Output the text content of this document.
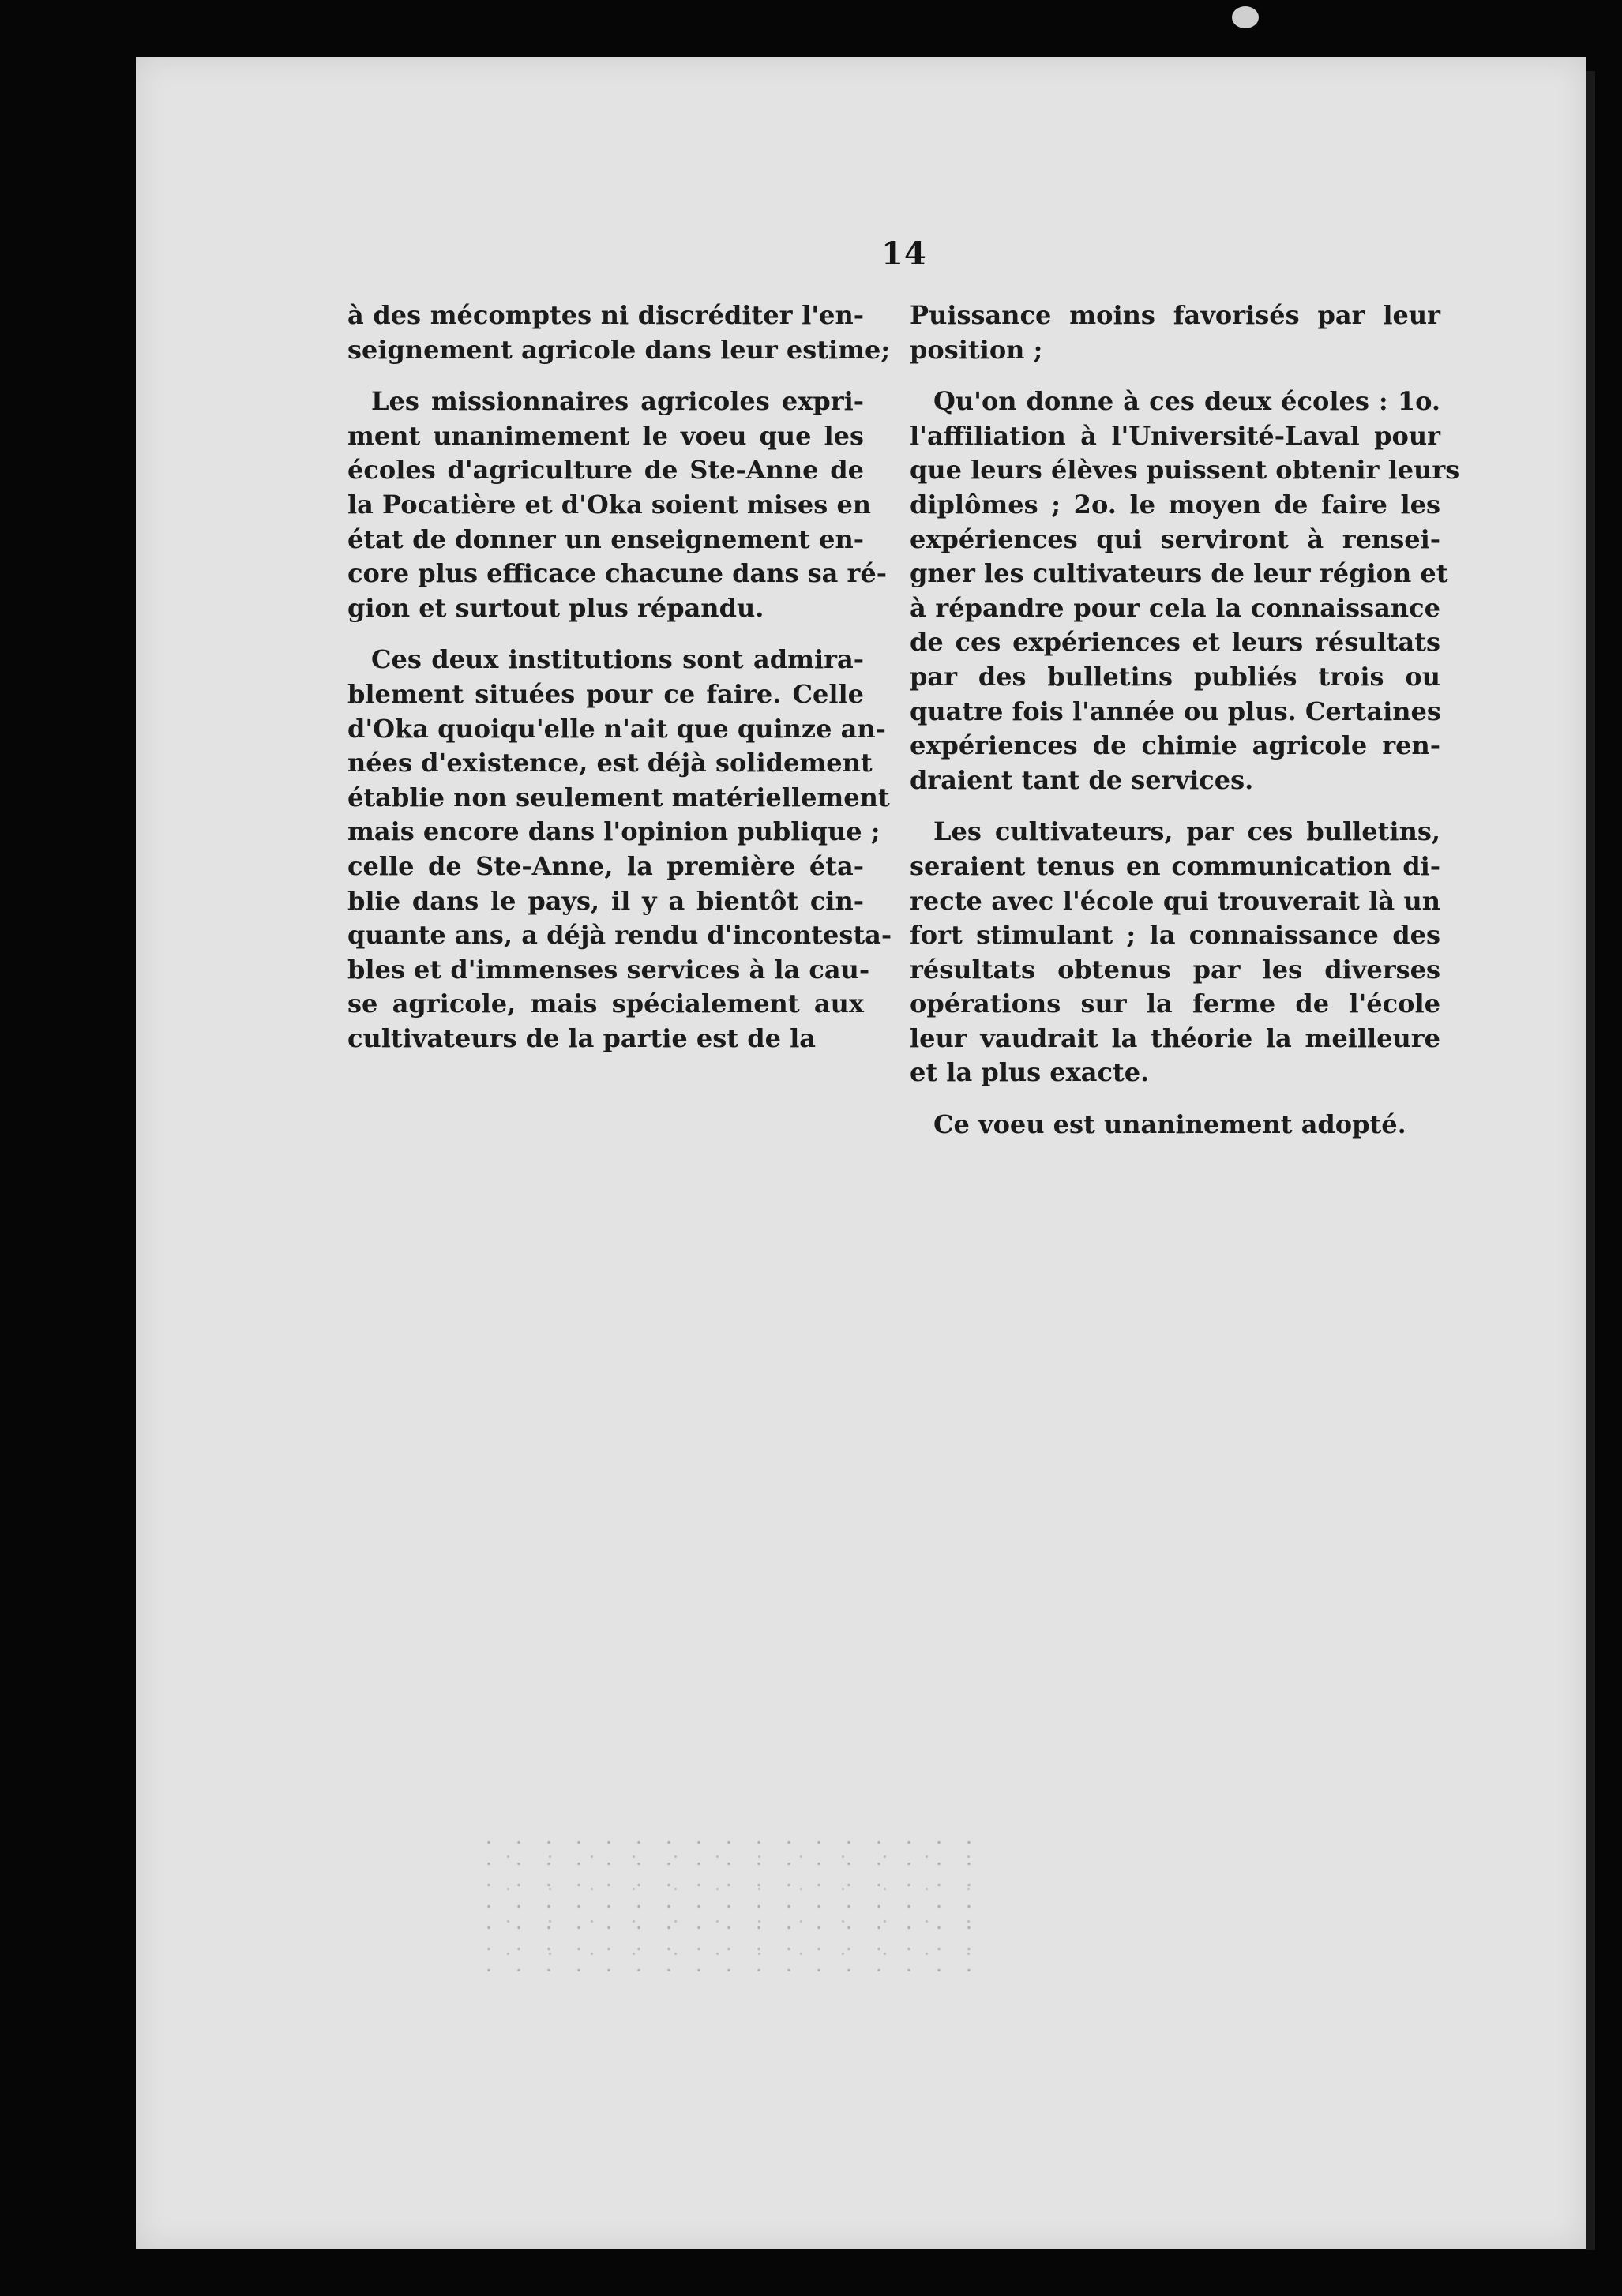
14

à des mécomptes ni discréditer l'en-
seignement agricole dans leur estime;

Les missionnaires agricoles expri-
ment unanimement le voeu que les
écoles d'agriculture de Ste-Anne de
la Pocatière et d'Oka soient mises en
état de donner un enseignement en-
core plus efficace chacune dans sa ré-
gion et surtout plus répandu.

Ces deux institutions sont admira-
blement situées pour ce faire. Celle
d'Oka quoiqu'elle n'ait que quinze an-
nées d'existence, est déjà solidement
établie non seulement matériellement
mais encore dans l'opinion publique ;
celle de Ste-Anne, la première éta-
blie dans le pays, il y a bientôt cin-
quante ans, a déjà rendu d'incontesta-
bles et d'immenses services à la cau-
se agricole, mais spécialement aux
cultivateurs de la partie est de la

Puissance moins favorisés par leur
position ;

Qu'on donne à ces deux écoles : 1o.
l'affiliation à l'Université-Laval pour
que leurs élèves puissent obtenir leurs
diplômes ; 2o. le moyen de faire les
expériences qui serviront à rensei-
gner les cultivateurs de leur région et
à répandre pour cela la connaissance
de ces expériences et leurs résultats
par des bulletins publiés trois ou
quatre fois l'année ou plus. Certaines
expériences de chimie agricole ren-
draient tant de services.

Les cultivateurs, par ces bulletins,
seraient tenus en communication di-
recte avec l'école qui trouverait là un
fort stimulant ; la connaissance des
résultats obtenus par les diverses
opérations sur la ferme de l'école
leur vaudrait la théorie la meilleure
et la plus exacte.

Ce voeu est unaninement adopté.
